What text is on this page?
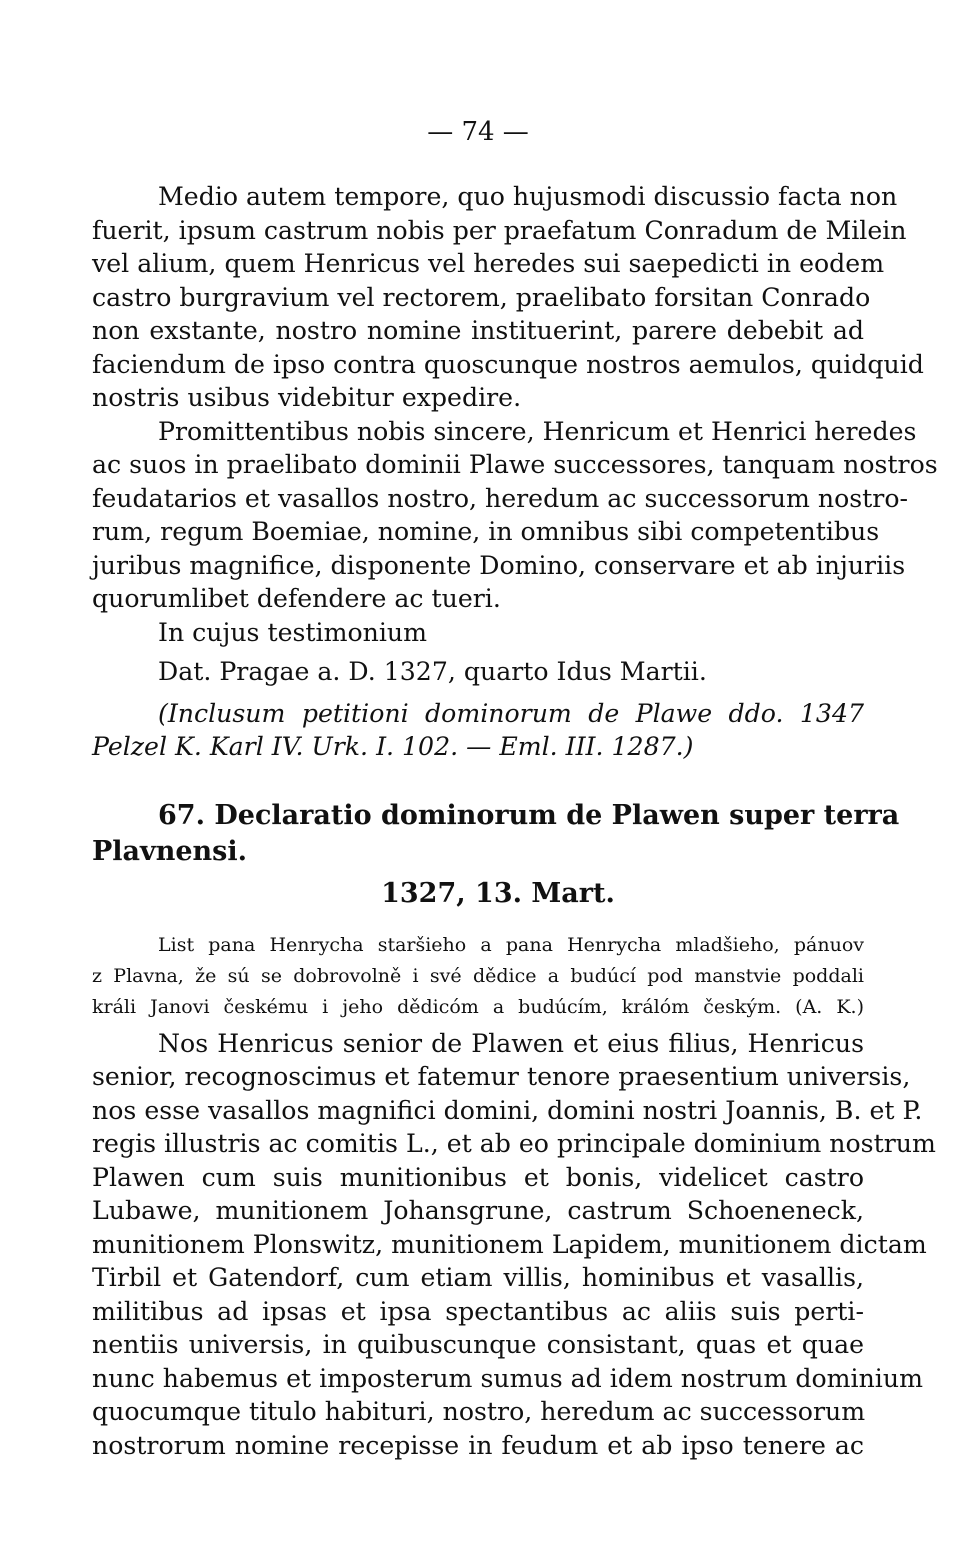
— 74 —
Medio autem tempore, quo hujusmodi discussio facta non
fuerit, ipsum castrum nobis per praefatum Conradum de Milein
vel alium, quem Henricus vel heredes sui saepedicti in eodem
castro burgravium vel rectorem, praelibato forsitan Conrado
non exstante, nostro nomine instituerint, parere debebit ad
faciendum de ipso contra quoscunque nostros aemulos, quidquid
nostris usibus videbitur expedire.
Promittentibus nobis sincere, Henricum et Henrici heredes
ac suos in praelibato dominii Plawe successores, tanquam nostros
feudatarios et vasallos nostro, heredum ac successorum nostro-
rum, regum Boemiae, nomine, in omnibus sibi competentibus
juribus magnifice, disponente Domino, conservare et ab injuriis
quorumlibet defendere ac tueri.
In cujus testimonium
Dat. Pragae a. D. 1327, quarto Idus Martii.
(Inclusum petitioni dominorum de Plawe ddo. 1347
Pelzel K. Karl IV. Urk. I. 102. — Eml. III. 1287.)
67. Declaratio dominorum de Plawen super terra
Plavnensi.
1327, 13. Mart.
List pana Henrycha staršieho a pana Henrycha mladšieho, pánuov
z Plavna, že sú se dobrovolně i své dědice a budúcí pod manstvie poddali
králi Janovi českému i jeho dědicóm a budúcím, králóm českým. (A. K.)
Nos Henricus senior de Plawen et eius filius, Henricus
senior, recognoscimus et fatemur tenore praesentium universis,
nos esse vasallos magnifici domini, domini nostri Joannis, B. et P.
regis illustris ac comitis L., et ab eo principale dominium nostrum
Plawen cum suis munitionibus et bonis, videlicet castro
Lubawe, munitionem Johansgrune, castrum Schoeneneck,
munitionem Plonswitz, munitionem Lapidem, munitionem dictam
Tirbil et Gatendorf, cum etiam villis, hominibus et vasallis,
militibus ad ipsas et ipsa spectantibus ac aliis suis perti-
nentiis universis, in quibuscunque consistant, quas et quae
nunc habemus et imposterum sumus ad idem nostrum dominium
quocumque titulo habituri, nostro, heredum ac successorum
nostrorum nomine recepisse in feudum et ab ipso tenere ac
